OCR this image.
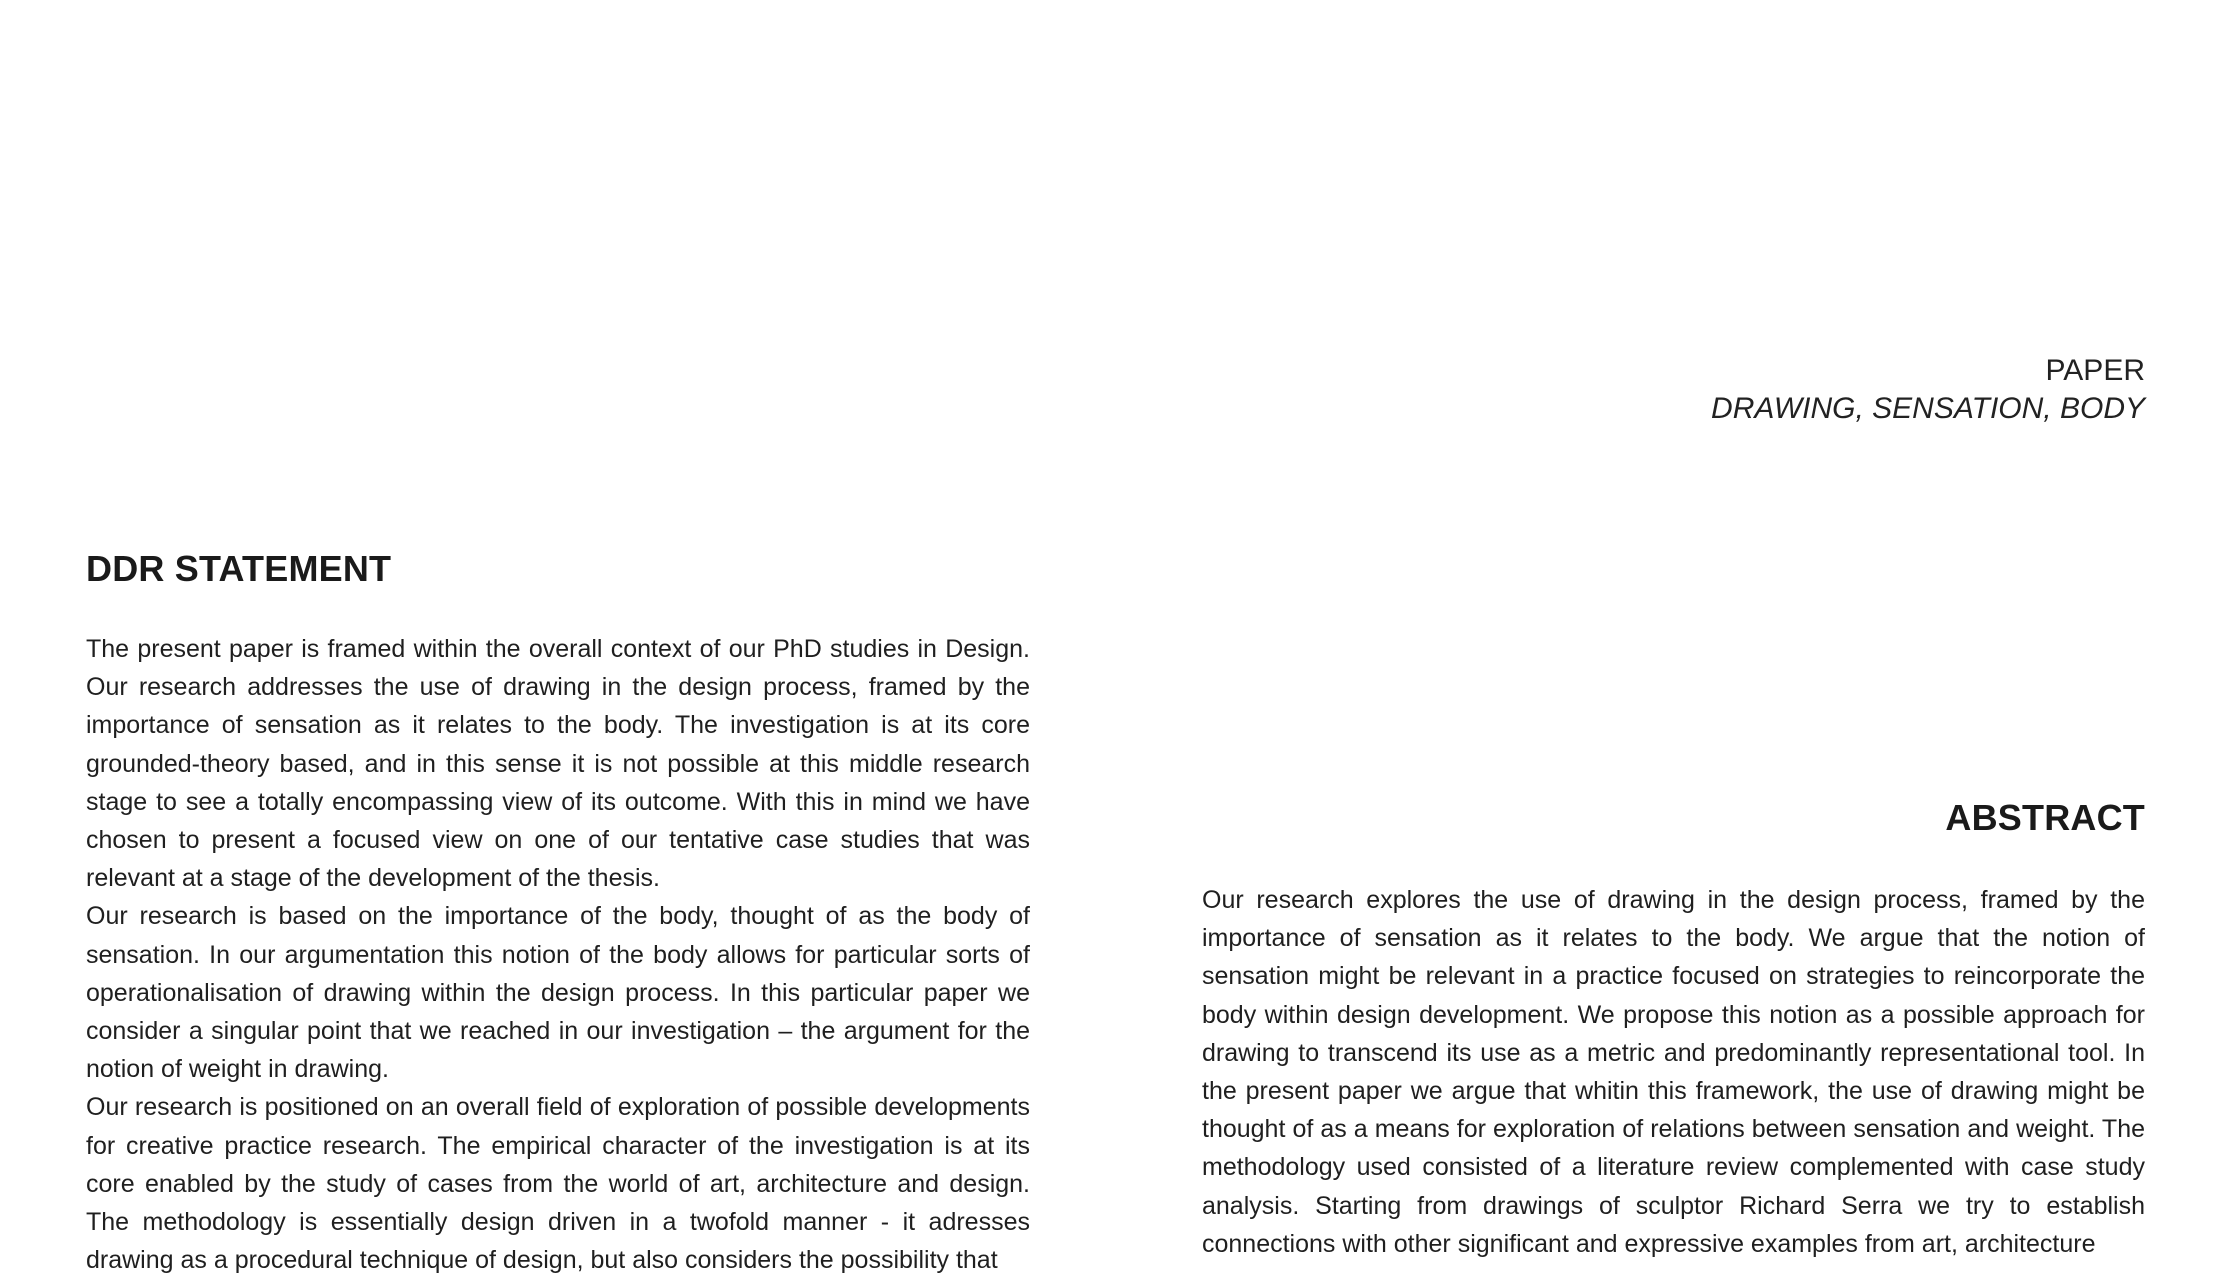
PAPER
DRAWING, SENSATION, BODY
DDR STATEMENT

The present paper is framed within the overall context of our PhD studies in Design. Our research addresses the use of drawing in the design process, framed by the importance of sensation as it relates to the body. The investigation is at its core grounded-theory based, and in this sense it is not possible at this middle research stage to see a totally encompassing view of its outcome. With this in mind we have chosen to present a focused view on one of our tentative case studies that was relevant at a stage of the development of the thesis.

Our research is based on the importance of the body, thought of as the body of sensation. In our argumentation this notion of the body allows for particular sorts of operationalisation of drawing within the design process. In this particular paper we consider a singular point that we reached in our investigation – the argument for the notion of weight in drawing.

Our research is positioned on an overall field of exploration of possible developments for creative practice research. The empirical character of the investigation is at its core enabled by the study of cases from the world of art, architecture and design. The methodology is essentially design driven in a twofold manner - it adresses drawing as a procedural technique of design, but also considers the possibility that

ABSTRACT

Our research explores the use of drawing in the design process, framed by the importance of sensation as it relates to the body. We argue that the notion of sensation might be relevant in a practice focused on strategies to reincorporate the body within design development. We propose this notion as a possible approach for drawing to transcend its use as a metric and predominantly representational tool. In the present paper we argue that whitin this framework, the use of drawing might be thought of as a means for exploration of relations between sensation and weight. The methodology used consisted of a literature review complemented with case study analysis. Starting from drawings of sculptor Richard Serra we try to establish connections with other significant and expressive examples from art, architecture
